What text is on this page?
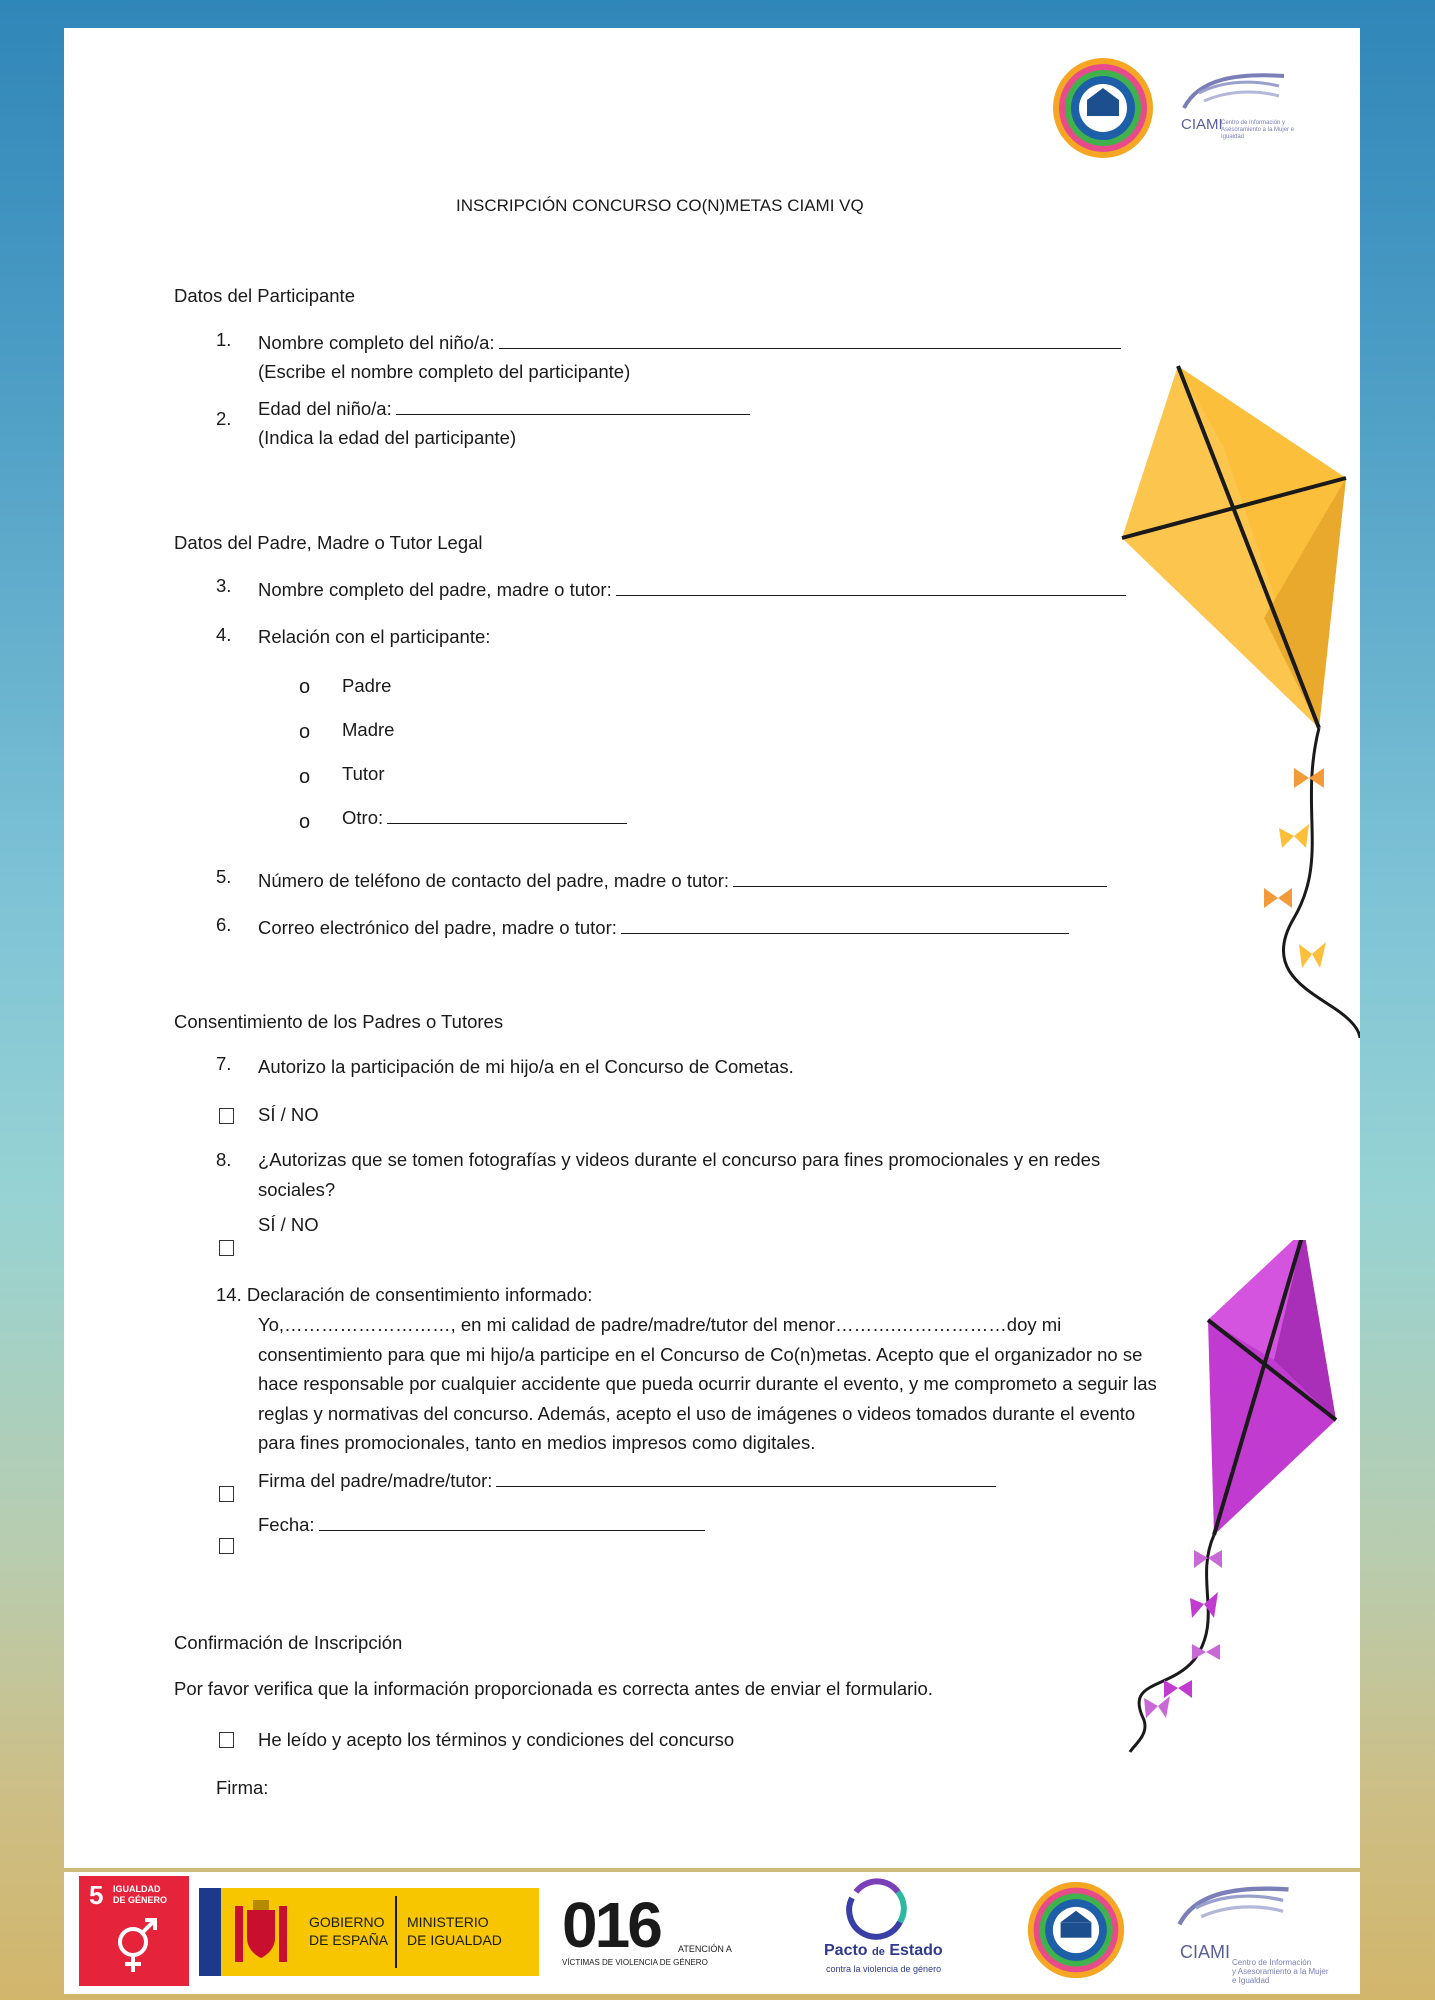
CIAMI
Centro de Información y Asesoramiento a la Mujer e Igualdad
INSCRIPCIÓN CONCURSO CO(N)METAS CIAMI VQ
Datos del Participante
1. Nombre completo del niño/a:
(Escribe el nombre completo del participante)
2. Edad del niño/a:
(Indica la edad del participante)
Datos del Padre, Madre o Tutor Legal
3. Nombre completo del padre, madre o tutor:
4. Relación con el participante:
o Padre
o Madre
o Tutor
o Otro:
5. Número de teléfono de contacto del padre, madre o tutor:
6. Correo electrónico del padre, madre o tutor:
Consentimiento de los Padres o Tutores
7. Autorizo la participación de mi hijo/a en el Concurso de Cometas.
SÍ / NO
8. ¿Autorizas que se tomen fotografías y videos durante el concurso para fines promocionales y en redes
sociales?
SÍ / NO
14. Declaración de consentimiento informado:
Yo,………………………, en mi calidad de padre/madre/tutor del menor……….………………doy mi consentimiento para que mi hijo/a participe en el Concurso de Co(n)metas. Acepto que el organizador no se hace responsable por cualquier accidente que pueda ocurrir durante el evento, y me comprometo a seguir las reglas y normativas del concurso. Además, acepto el uso de imágenes o videos tomados durante el evento para fines promocionales, tanto en medios impresos como digitales.
Firma del padre/madre/tutor:
Fecha:
Confirmación de Inscripción
Por favor verifica que la información proporcionada es correcta antes de enviar el formulario.
He leído y acepto los términos y condiciones del concurso
Firma:
5 IGUALDAD
DE GÉNERO
GOBIERNO
DE ESPAÑA
MINISTERIO
DE IGUALDAD 016 ATENCIÓN A
VÍCTIMAS DE VIOLENCIA DE GÉNERO
Pacto de Estado
contra la violencia de género
CIAMI
Centro de Información
y Asesoramiento a la Mujer
e Igualdad
